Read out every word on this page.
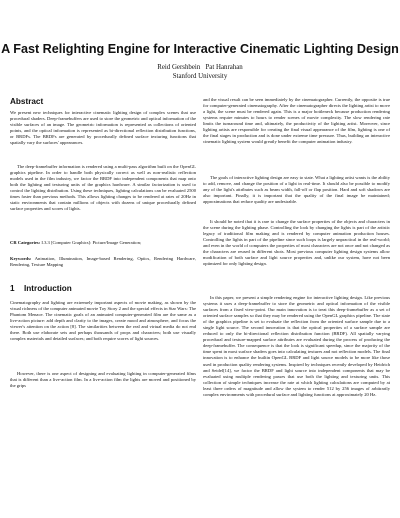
A Fast Relighting Engine for Interactive Cinematic Lighting Design
Reid Gershbein   Pat Hanrahan
Stanford University
Abstract

We present new techniques for interactive cinematic lighting design of complex scenes that use procedural shaders. Deep-framebuffers are used to store the geometric and optical information of the visible surfaces of an image. The geometric information is represented as collections of oriented points, and the optical information is represented as bi-directional reflection distribution functions, or BRDFs. The BRDFs are generated by procedurally defined surface texturing functions that spatially vary the surfaces' appearances.

The deep-framebuffer information is rendered using a multi-pass algorithm built on the OpenGL graphics pipeline. In order to handle both physically correct as well as non-realistic reflection models used in the film industry, we factor the BRDF into independent components that map onto both the lighting and texturing units of the graphics hardware. A similar factorization is used to control the lighting distribution. Using these techniques, lighting calculations can be evaluated 2500 times faster than previous methods. This allows lighting changes to be rendered at rates of 20Hz in static environments that contain millions of objects with dozens of unique procedurally defined surface properties and scores of lights.

CR Categories: I.3.3 [Computer Graphics]: Picture/Image Generation;

Keywords: Animation, Illumination, Image-based Rendering, Optics, Rendering Hardware, Rendering, Texture Mapping

1 Introduction

Cinematography and lighting are extremely important aspects of movie making, as shown by the visual richness of the computer animated movie Toy Story 2 and the special effects in Star Wars: The Phantom Menace. The cinematic goals of an animated computer-generated film are the same as a live-action picture: add depth and clarity to the images, create mood and atmosphere, and focus the viewer's attention on the action [8]. The similarities between the real and virtual media do not end there. Both use elaborate sets and perhaps thousands of props and characters; both use visually complex materials and detailed surfaces; and both require scores of light sources.

However, there is one aspect of designing and evaluating lighting in computer-generated films that is different than a live-action film. In a live-action film the lights are moved and positioned by the grips

and the visual result can be seen immediately by the cinematographer. Currently, the opposite is true for computer-generated cinematography. After the cinematographer directs the lighting artist to move a light, the scene must be rendered again. This is a major bottleneck because production rendering systems require minutes to hours to render scenes of movie complexity. The slow rendering rate limits the turnaround time and, ultimately, the productivity of the lighting artist. Moreover, since lighting artists are responsible for creating the final visual appearance of the film, lighting is one of the final stages in production and is done under extreme time pressure. Thus, building an interactive cinematic lighting system would greatly benefit the computer animation industry.

The goals of interactive lighting design are easy to state. What a lighting artist wants is the ability to add, remove, and change the position of a light in real-time. It should also be possible to modify any of the light's attributes such as beam width, fall-off or flap position. Hard and soft shadows are also important. Finally, it is important that the quality of the final image be maintained; approximations that reduce quality are undesirable.

It should be noted that it is rare to change the surface properties of the objects and characters in the scene during the lighting phase. Controlling the look by changing the lights is part of the artistic legacy of traditional film making and is rendered by computer animation production houses. Controlling the lights in part of the pipeline since such loops is largely unpractical in the real-world; and even in the world of computers the properties of most characters are not once and not changed as the characters are reused in different shots. Most previous computer lighting design systems allow modification of both surface and light source properties and, unlike our system, have not been optimized for only lighting design.

In this paper, we present a simple rendering engine for interactive lighting design. Like previous systems it uses a deep-framebuffer to store the geometric and optical information of the visible surfaces from a fixed view-point. Our main innovation is to treat this deep-framebuffer as a set of oriented surface samples so that they may be rendered using the OpenGL graphics pipeline. The state of the graphics pipeline is set to evaluate the reflection from the oriented surface sample due to a single light source. The second innovation is that the optical properties of a surface sample are reduced to only the bi-directional reflection distribution function (BRDF). All spatially varying procedural and texture-mapped surface attributes are evaluated during the process of producing the deep-framebuffer. The consequence is that the look is significant speedup, since the majority of the time spent in most surface shaders goes into calculating textures and not reflection models. The final innovation is to enhance the builtin OpenGL BRDF and light source models to be more like those used in production quality rendering systems. Inspired by techniques recently developed by Heidrich and Seidel[14], we factor the BRDF and light source into independent components that may be evaluated using multiple rendering passes that use both the lighting and texturing units. This collection of simple techniques increase the rate at which lighting calculations are computed by at least three orders of magnitude and allow the system to render 512 by 256 images of arbitrarily complex environments with procedural surface and lighting functions at approximately 20 Hz.
